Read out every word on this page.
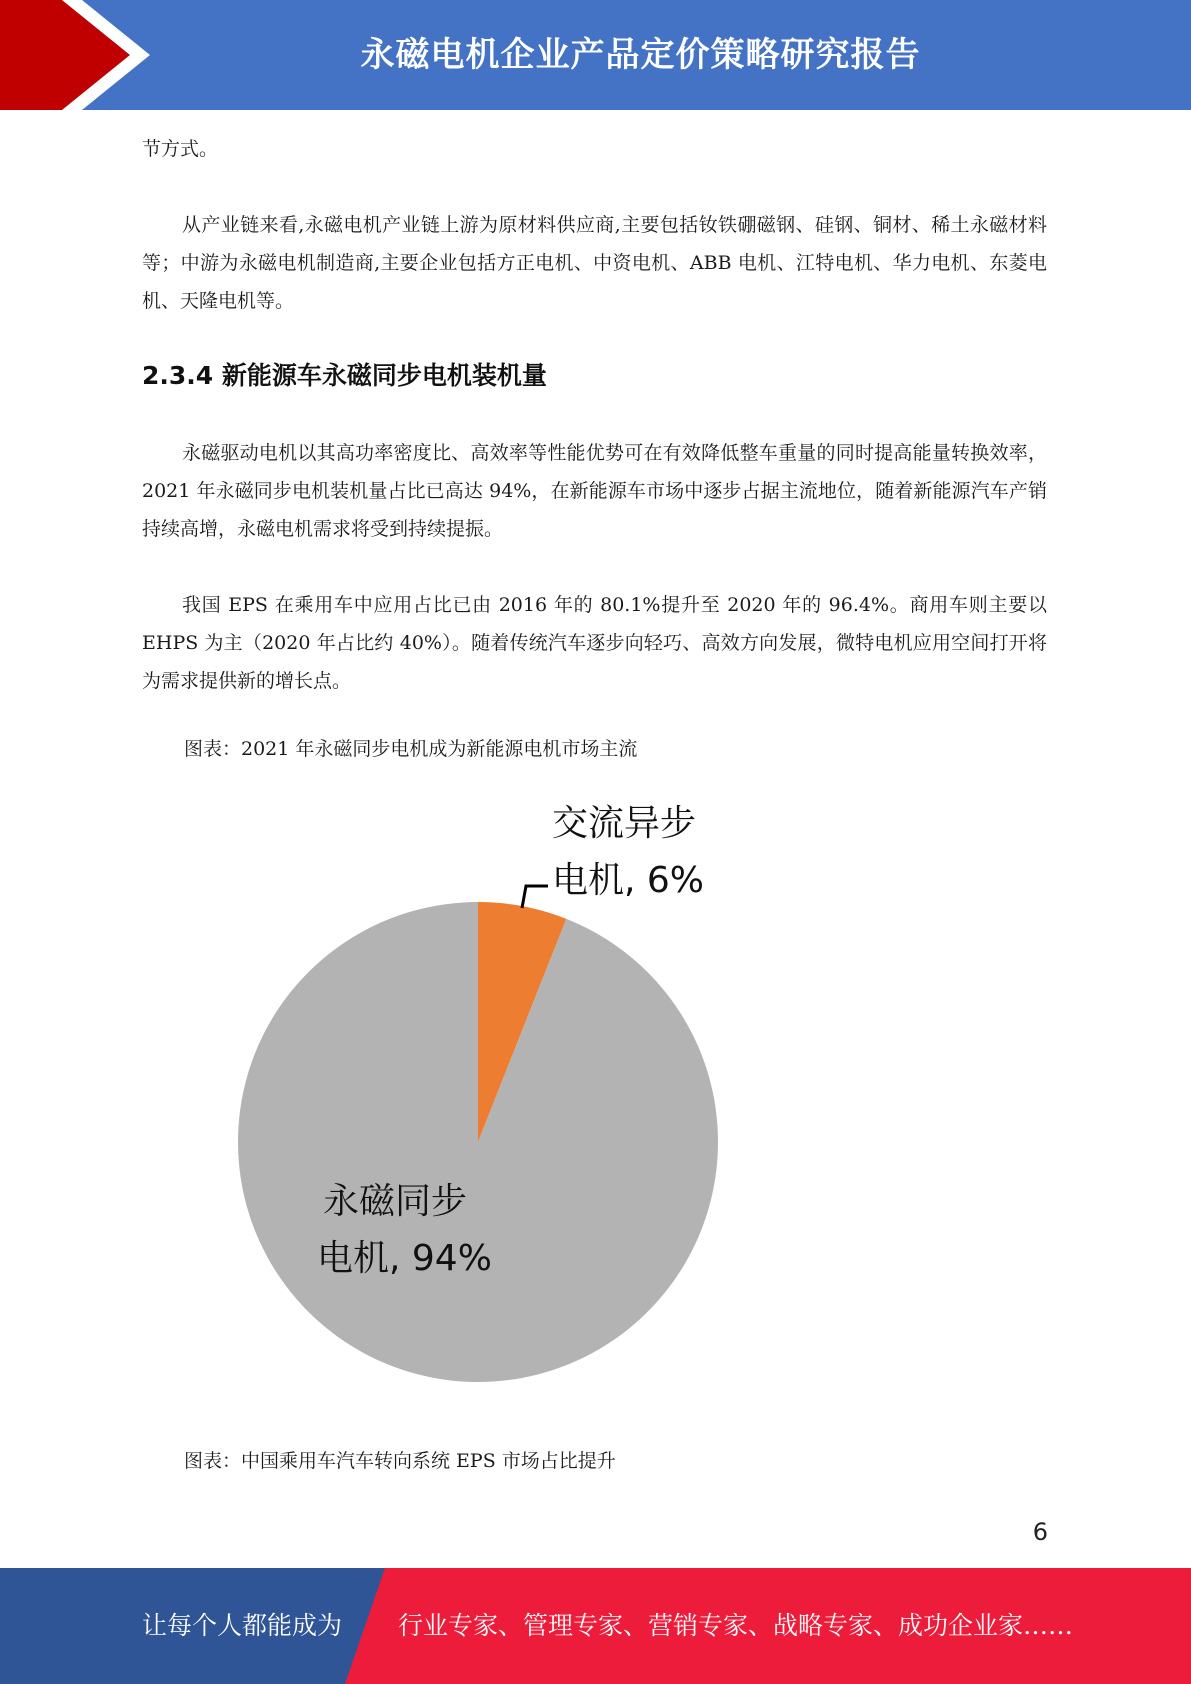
永磁电机企业产品定价策略研究报告

节方式。

从产业链来看,永磁电机产业链上游为原材料供应商,主要包括钕铁硼磁钢、硅钢、铜材、稀土永磁材料等；中游为永磁电机制造商,主要企业包括方正电机、中资电机、ABB 电机、江特电机、华力电机、东菱电机、天隆电机等。

2.3.4 新能源车永磁同步电机装机量

永磁驱动电机以其高功率密度比、高效率等性能优势可在有效降低整车重量的同时提高能量转换效率，2021 年永磁同步电机装机量占比已高达 94%，在新能源车市场中逐步占据主流地位，随着新能源汽车产销持续高增，永磁电机需求将受到持续提振。

我国 EPS 在乘用车中应用占比已由 2016 年的 80.1%提升至 2020 年的 96.4%。商用车则主要以 EHPS 为主（2020 年占比约 40%）。随着传统汽车逐步向轻巧、高效方向发展，微特电机应用空间打开将为需求提供新的增长点。

图表：2021 年永磁同步电机成为新能源电机市场主流

交流异步
电机, 6%
永磁同步
电机, 94%
图表：中国乘用车汽车转向系统 EPS 市场占比提升
6
让每个人都能成为 行业专家、管理专家、营销专家、战略专家、成功企业家……
